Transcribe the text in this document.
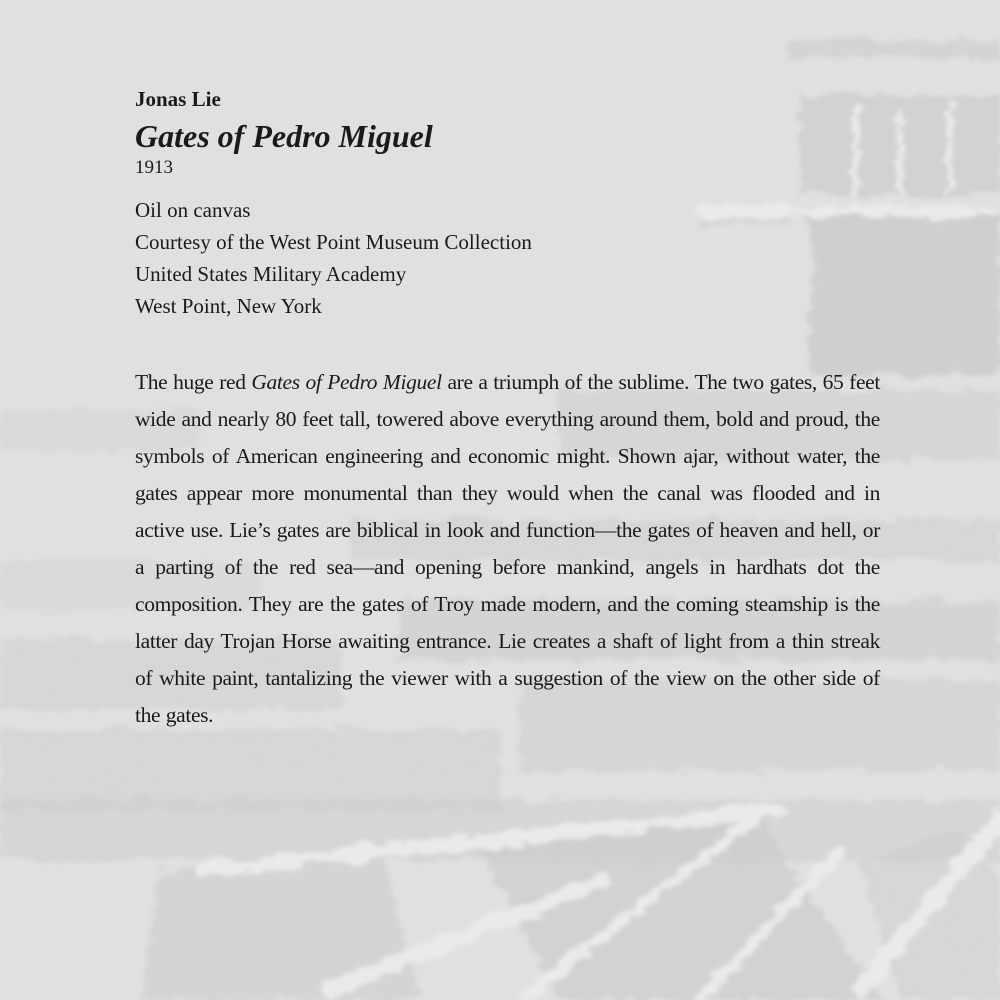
Jonas Lie
Gates of Pedro Miguel
1913
Oil on canvas
Courtesy of the West Point Museum Collection
United States Military Academy
West Point, New York

The huge red Gates of Pedro Miguel are a triumph of the sublime. The two gates, 65 feet wide and nearly 80 feet tall, towered above everything around them, bold and proud, the symbols of American engineering and economic might. Shown ajar, without water, the gates appear more monumental than they would when the canal was flooded and in active use. Lie’s gates are biblical in look and function—the gates of heaven and hell, or a parting of the red sea—and opening before mankind, angels in hardhats dot the composition. They are the gates of Troy made modern, and the coming steamship is the latter day Trojan Horse awaiting entrance. Lie creates a shaft of light from a thin streak of white paint, tantalizing the viewer with a suggestion of the view on the other side of the gates.
